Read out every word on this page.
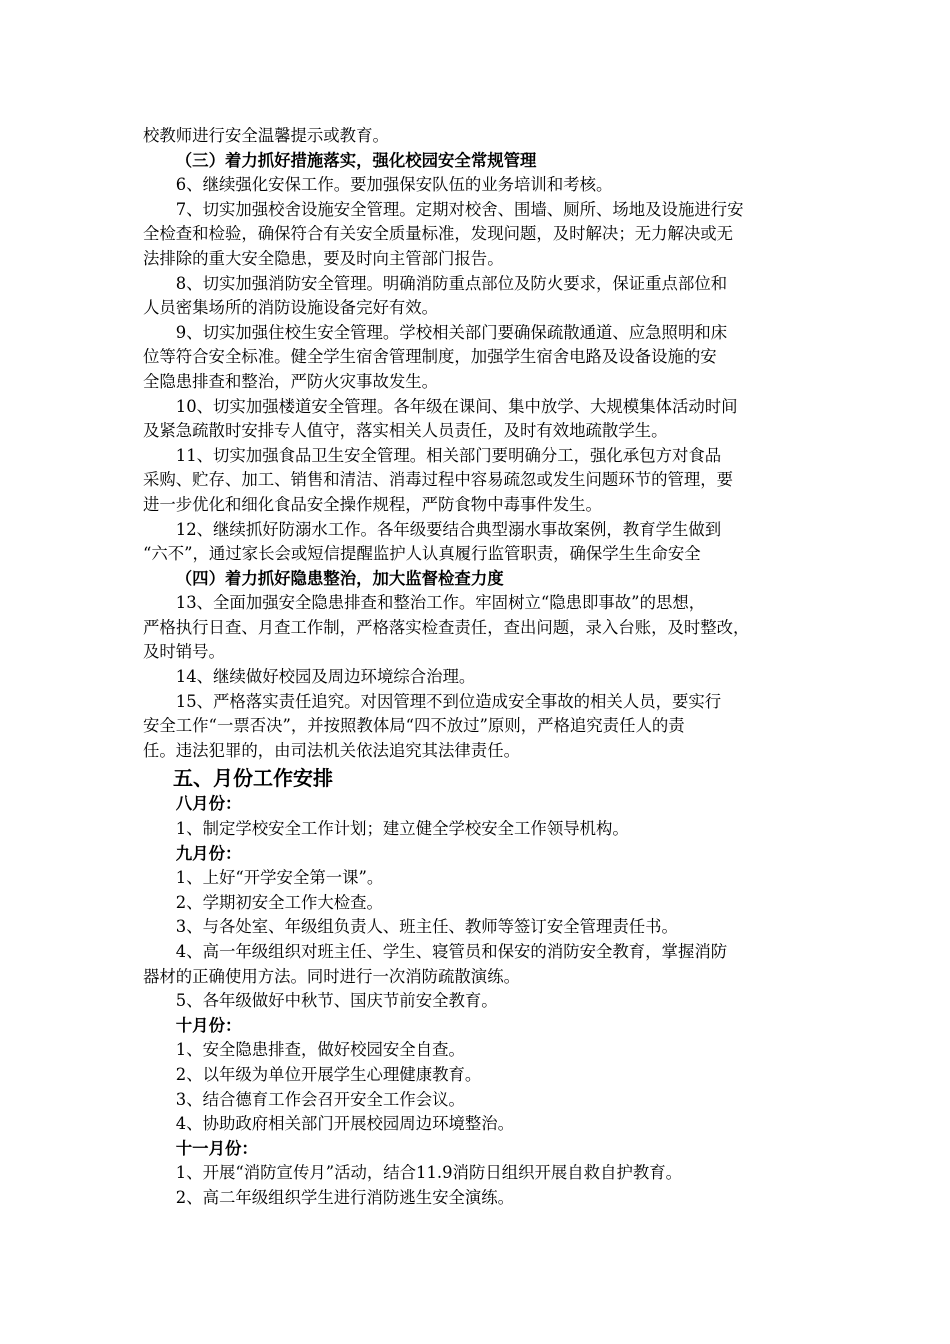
校教师进行安全温馨提示或教育。

（三）着力抓好措施落实，强化校园安全常规管理

6、继续强化安保工作。要加强保安队伍的业务培训和考核。

7、切实加强校舍设施安全管理。定期对校舍、围墙、厕所、场地及设施进行安

全检查和检验，确保符合有关安全质量标准，发现问题，及时解决；无力解决或无

法排除的重大安全隐患，要及时向主管部门报告。

8、切实加强消防安全管理。明确消防重点部位及防火要求，保证重点部位和

人员密集场所的消防设施设备完好有效。

9、切实加强住校生安全管理。学校相关部门要确保疏散通道、应急照明和床

位等符合安全标准。健全学生宿舍管理制度，加强学生宿舍电路及设备设施的安

全隐患排查和整治，严防火灾事故发生。

10、切实加强楼道安全管理。各年级在课间、集中放学、大规模集体活动时间

及紧急疏散时安排专人值守，落实相关人员责任，及时有效地疏散学生。

11、切实加强食品卫生安全管理。相关部门要明确分工，强化承包方对食品

采购、贮存、加工、销售和清洁、消毒过程中容易疏忽或发生问题环节的管理，要

进一步优化和细化食品安全操作规程，严防食物中毒事件发生。

12、继续抓好防溺水工作。各年级要结合典型溺水事故案例，教育学生做到

“六不”，通过家长会或短信提醒监护人认真履行监管职责，确保学生生命安全

（四）着力抓好隐患整治，加大监督检查力度

13、全面加强安全隐患排查和整治工作。牢固树立“隐患即事故”的思想，

严格执行日查、月查工作制，严格落实检查责任，查出问题，录入台账，及时整改，

及时销号。

14、继续做好校园及周边环境综合治理。

15、严格落实责任追究。对因管理不到位造成安全事故的相关人员，要实行

安全工作“一票否决”，并按照教体局“四不放过”原则，严格追究责任人的责

任。违法犯罪的，由司法机关依法追究其法律责任。

五、月份工作安排

八月份：

1、制定学校安全工作计划；建立健全学校安全工作领导机构。

九月份：

1、上好“开学安全第一课”。

2、学期初安全工作大检查。

3、与各处室、年级组负责人、班主任、教师等签订安全管理责任书。

4、高一年级组织对班主任、学生、寝管员和保安的消防安全教育，掌握消防

器材的正确使用方法。同时进行一次消防疏散演练。

5、各年级做好中秋节、国庆节前安全教育。

十月份：

1、安全隐患排查，做好校园安全自查。

2、以年级为单位开展学生心理健康教育。

3、结合德育工作会召开安全工作会议。

4、协助政府相关部门开展校园周边环境整治。

十一月份：

1、开展“消防宣传月”活动，结合11.9消防日组织开展自救自护教育。

2、高二年级组织学生进行消防逃生安全演练。
